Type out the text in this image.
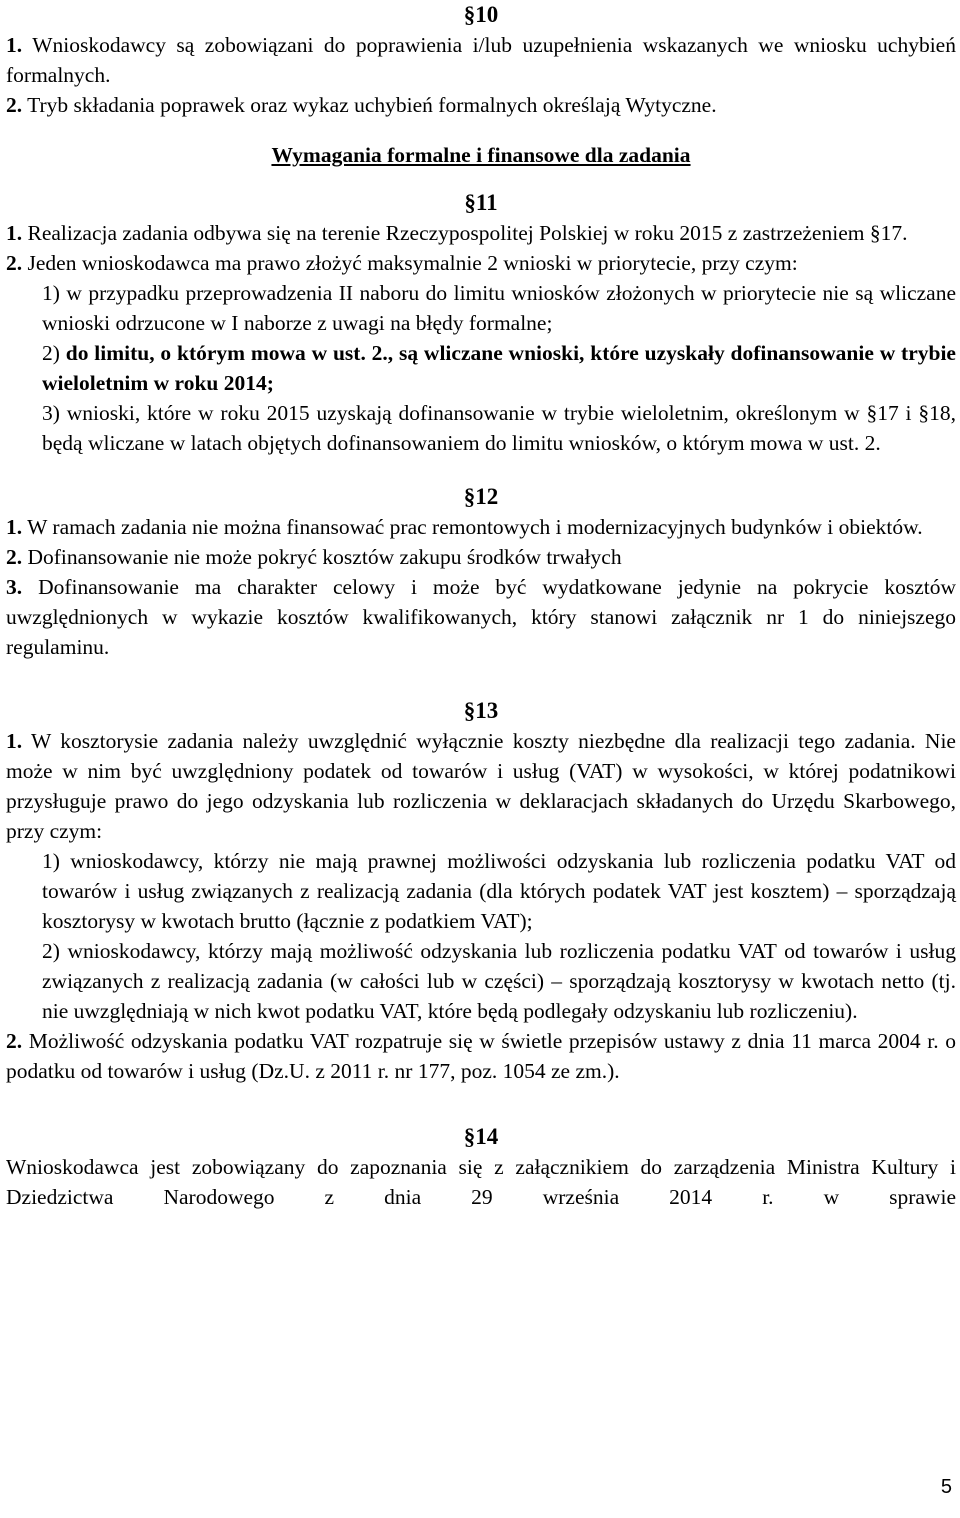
§10
1. Wnioskodawcy są zobowiązani do poprawienia i/lub uzupełnienia wskazanych we wniosku uchybień formalnych.
2. Tryb składania poprawek oraz wykaz uchybień formalnych określają Wytyczne.
Wymagania formalne i finansowe dla zadania
§11
1. Realizacja zadania odbywa się na terenie Rzeczypospolitej Polskiej w roku 2015 z zastrzeżeniem §17.
2. Jeden wnioskodawca ma prawo złożyć maksymalnie 2 wnioski w priorytecie, przy czym:
1) w przypadku przeprowadzenia II naboru do limitu wniosków złożonych w priorytecie nie są wliczane wnioski odrzucone w I naborze z uwagi na błędy formalne;
2) do limitu, o którym mowa w ust. 2., są wliczane wnioski, które uzyskały dofinansowanie w trybie wieloletnim w roku 2014;
3) wnioski, które w roku 2015 uzyskają dofinansowanie w trybie wieloletnim, określonym w §17 i §18, będą wliczane w latach objętych dofinansowaniem do limitu wniosków, o którym mowa w ust. 2.
§12
1. W ramach zadania nie można finansować prac remontowych i modernizacyjnych budynków i obiektów.
2. Dofinansowanie nie może pokryć kosztów zakupu środków trwałych
3. Dofinansowanie ma charakter celowy i może być wydatkowane jedynie na pokrycie kosztów uwzględnionych w wykazie kosztów kwalifikowanych, który stanowi załącznik nr 1 do niniejszego regulaminu.
§13
1. W kosztorysie zadania należy uwzględnić wyłącznie koszty niezbędne dla realizacji tego zadania. Nie może w nim być uwzględniony podatek od towarów i usług (VAT) w wysokości, w której podatnikowi przysługuje prawo do jego odzyskania lub rozliczenia w deklaracjach składanych do Urzędu Skarbowego, przy czym:
1) wnioskodawcy, którzy nie mają prawnej możliwości odzyskania lub rozliczenia podatku VAT od towarów i usług związanych z realizacją zadania (dla których podatek VAT jest kosztem) – sporządzają kosztorysy w kwotach brutto (łącznie z podatkiem VAT);
2) wnioskodawcy, którzy mają możliwość odzyskania lub rozliczenia podatku VAT od towarów i usług związanych z realizacją zadania (w całości lub w części) – sporządzają kosztorysy w kwotach netto (tj. nie uwzględniają w nich kwot podatku VAT, które będą podlegały odzyskaniu lub rozliczeniu).
2. Możliwość odzyskania podatku VAT rozpatruje się w świetle przepisów ustawy z dnia 11 marca 2004 r. o podatku od towarów i usług (Dz.U. z 2011 r. nr 177, poz. 1054 ze zm.).
§14
Wnioskodawca jest zobowiązany do zapoznania się z załącznikiem do zarządzenia Ministra Kultury i Dziedzictwa Narodowego z dnia 29 września 2014 r. w sprawie
5
